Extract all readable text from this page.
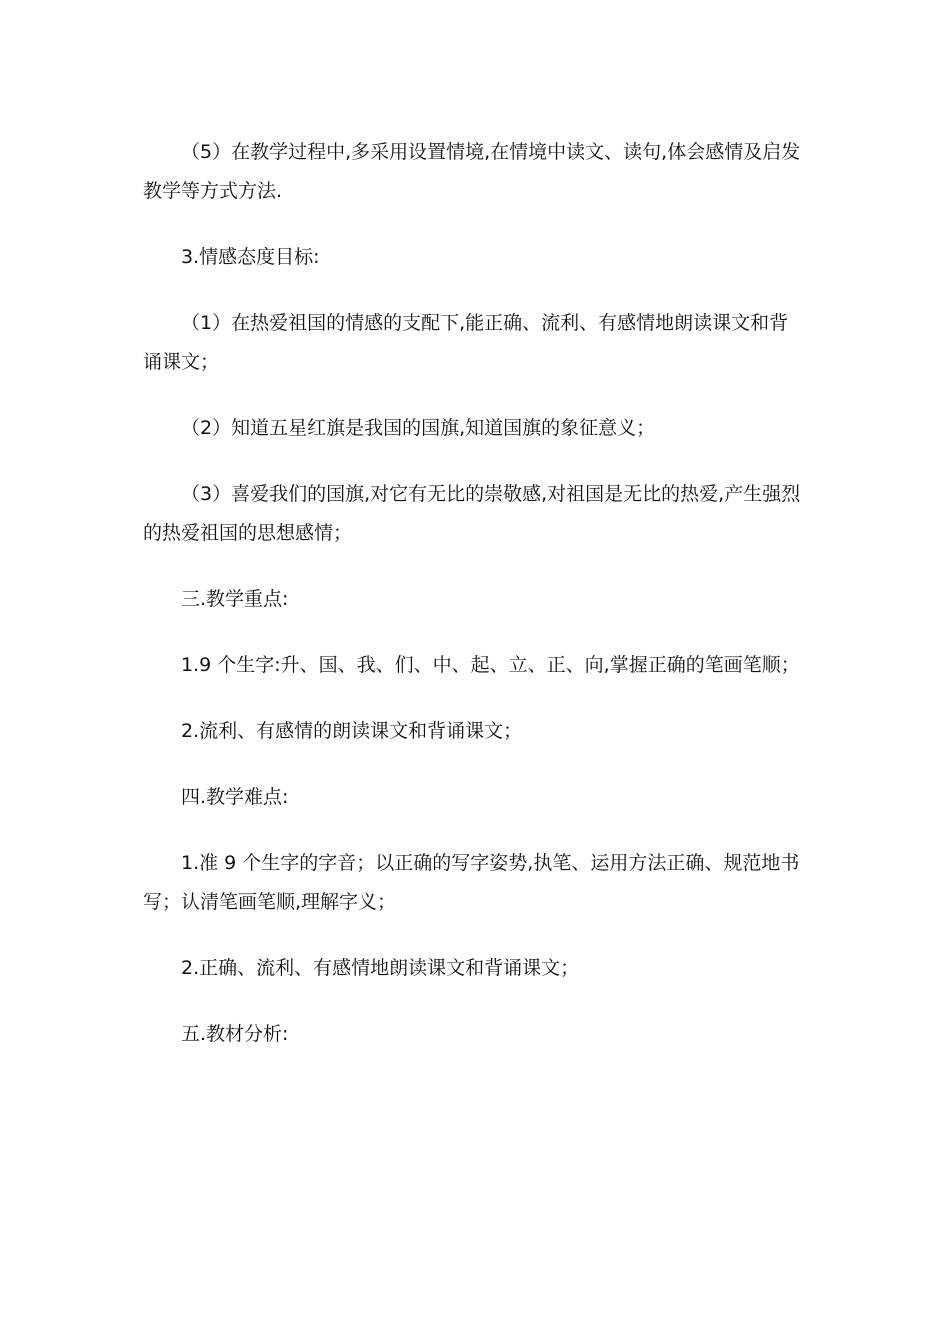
（5）在教学过程中,多采用设置情境,在情境中读文、读句,体会感情及启发教学等方式方法.

3.情感态度目标:

（1）在热爱祖国的情感的支配下,能正确、流利、有感情地朗读课文和背诵课文；

（2）知道五星红旗是我国的国旗,知道国旗的象征意义；

（3）喜爱我们的国旗,对它有无比的崇敬感,对祖国是无比的热爱,产生强烈的热爱祖国的思想感情；

三.教学重点:

1.9 个生字:升、国、我、们、中、起、立、正、向,掌握正确的笔画笔顺；

2.流利、有感情的朗读课文和背诵课文；

四.教学难点:

1.准 9 个生字的字音；以正确的写字姿势,执笔、运用方法正确、规范地书写；认清笔画笔顺,理解字义；

2.正确、流利、有感情地朗读课文和背诵课文；

五.教材分析:
